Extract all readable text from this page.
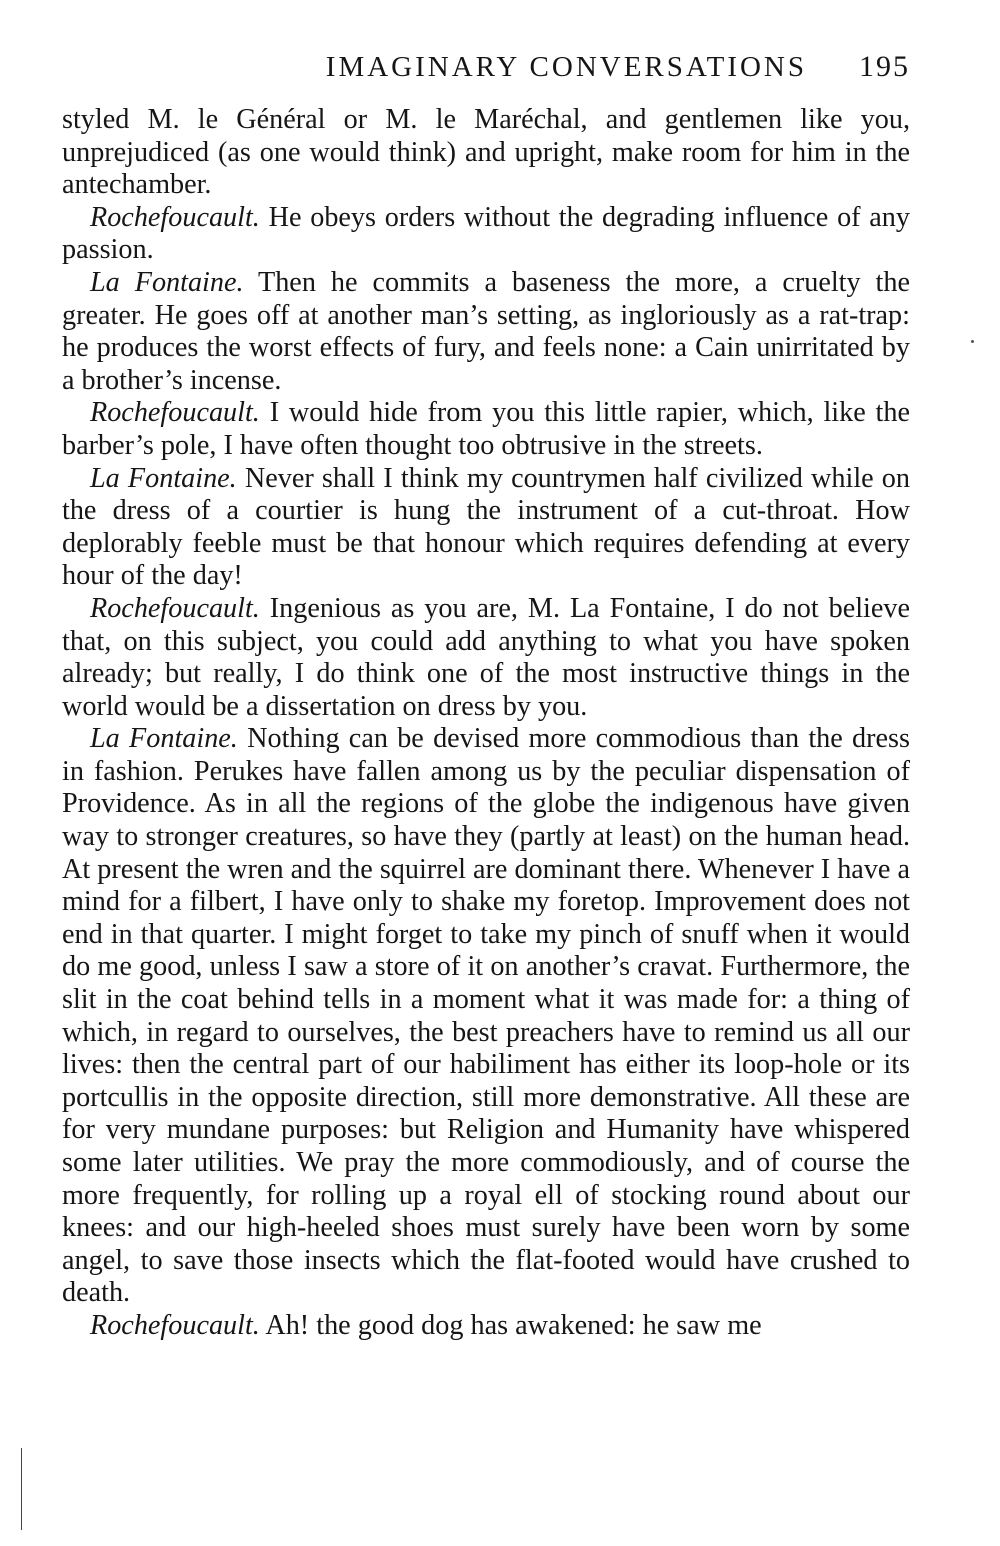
IMAGINARY CONVERSATIONS 195

styled M. le Général or M. le Maréchal, and gentlemen like you, unprejudiced (as one would think) and upright, make room for him in the antechamber.

Rochefoucault. He obeys orders without the degrading influence of any passion.

La Fontaine. Then he commits a baseness the more, a cruelty the greater. He goes off at another man’s setting, as ingloriously as a rat-trap: he produces the worst effects of fury, and feels none: a Cain unirritated by a brother’s incense.

Rochefoucault. I would hide from you this little rapier, which, like the barber’s pole, I have often thought too obtrusive in the streets.

La Fontaine. Never shall I think my countrymen half civilized while on the dress of a courtier is hung the instrument of a cut-throat. How deplorably feeble must be that honour which requires defending at every hour of the day!

Rochefoucault. Ingenious as you are, M. La Fontaine, I do not believe that, on this subject, you could add anything to what you have spoken already; but really, I do think one of the most instructive things in the world would be a dissertation on dress by you.

La Fontaine. Nothing can be devised more commodious than the dress in fashion. Perukes have fallen among us by the peculiar dispensation of Providence. As in all the regions of the globe the indigenous have given way to stronger creatures, so have they (partly at least) on the human head. At present the wren and the squirrel are dominant there. Whenever I have a mind for a filbert, I have only to shake my foretop. Improvement does not end in that quarter. I might forget to take my pinch of snuff when it would do me good, unless I saw a store of it on another’s cravat. Furthermore, the slit in the coat behind tells in a moment what it was made for: a thing of which, in regard to ourselves, the best preachers have to remind us all our lives: then the central part of our habiliment has either its loop-hole or its portcullis in the opposite direction, still more demonstrative. All these are for very mundane purposes: but Religion and Humanity have whispered some later utilities. We pray the more commodiously, and of course the more frequently, for rolling up a royal ell of stocking round about our knees: and our high-heeled shoes must surely have been worn by some angel, to save those insects which the flat-footed would have crushed to death.

Rochefoucault. Ah! the good dog has awakened: he saw me
